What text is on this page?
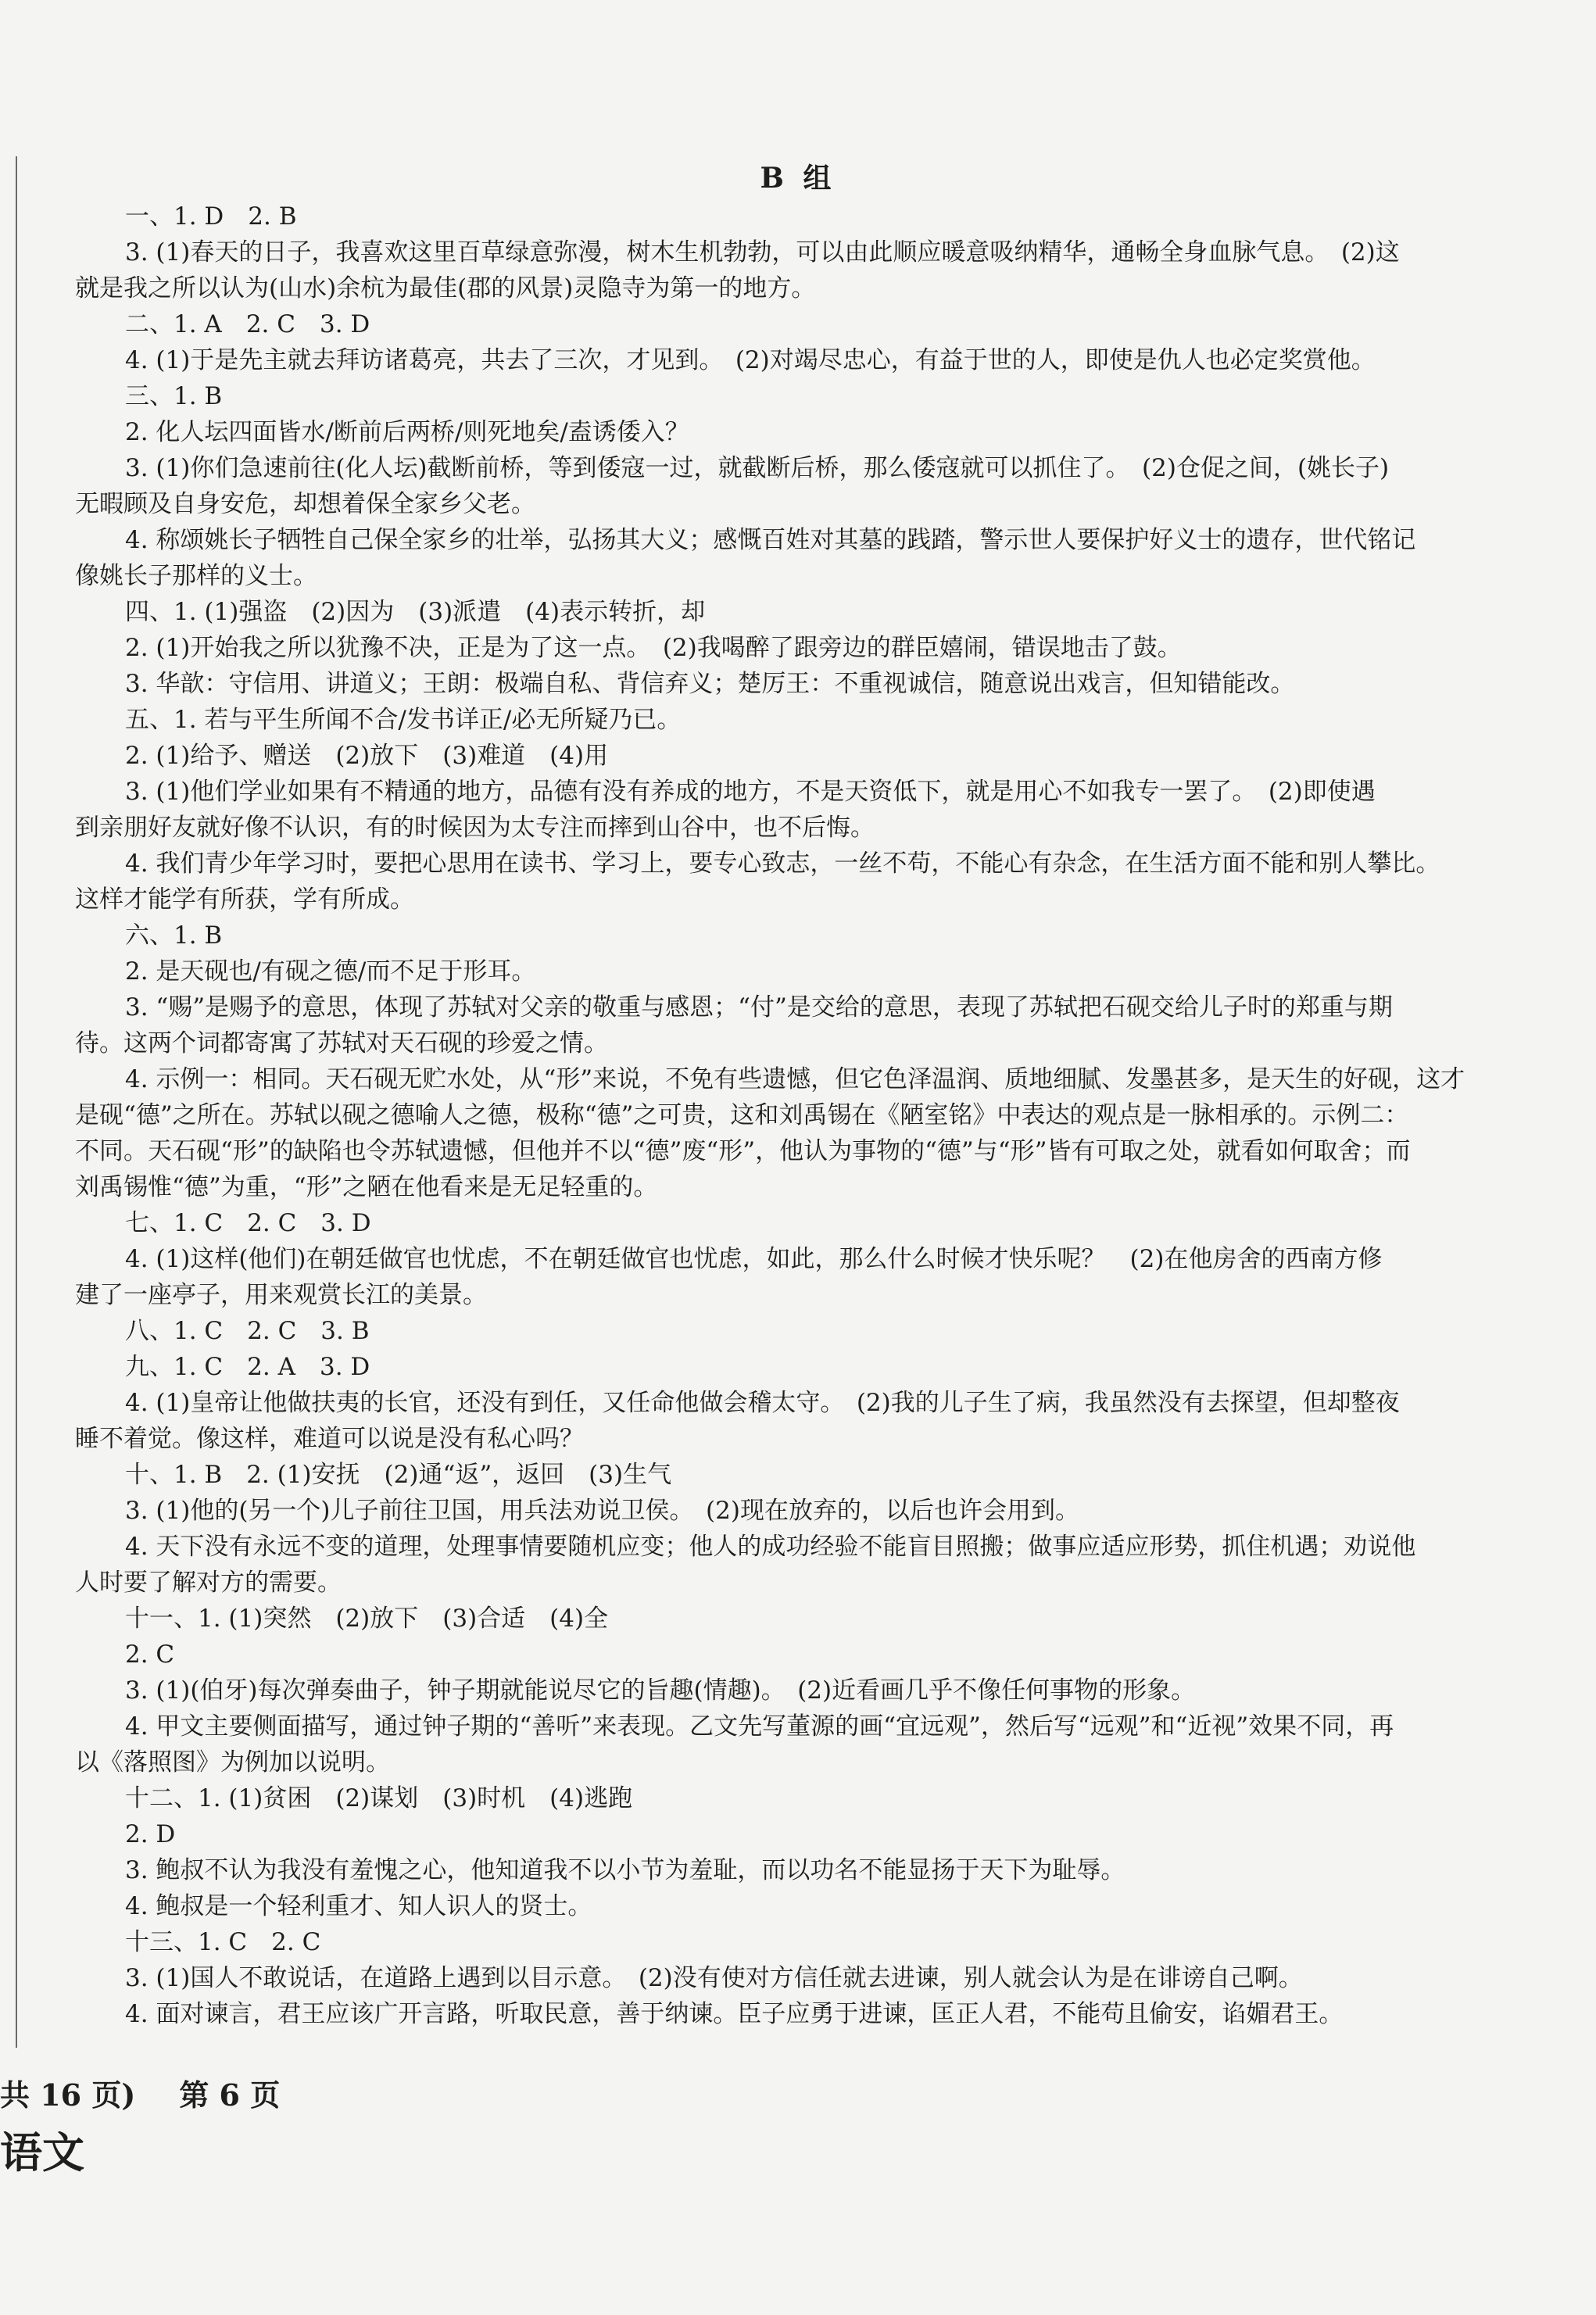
B 组
一、1. D　2. B
3. (1)春天的日子，我喜欢这里百草绿意弥漫，树木生机勃勃，可以由此顺应暖意吸纳精华，通畅全身血脉气息。　(2)这
就是我之所以认为(山水)余杭为最佳(郡的风景)灵隐寺为第一的地方。
二、1. A　2. C　3. D
4. (1)于是先主就去拜访诸葛亮，共去了三次，才见到。　(2)对竭尽忠心，有益于世的人，即使是仇人也必定奖赏他。
三、1. B
2. 化人坛四面皆水/断前后两桥/则死地矣/盍诱倭入？
3. (1)你们急速前往(化人坛)截断前桥，等到倭寇一过，就截断后桥，那么倭寇就可以抓住了。　(2)仓促之间，(姚长子)
无暇顾及自身安危，却想着保全家乡父老。
4. 称颂姚长子牺牲自己保全家乡的壮举，弘扬其大义；感慨百姓对其墓的践踏，警示世人要保护好义士的遗存，世代铭记
像姚长子那样的义士。
四、1. (1)强盗　(2)因为　(3)派遣　(4)表示转折，却
2. (1)开始我之所以犹豫不决，正是为了这一点。　(2)我喝醉了跟旁边的群臣嬉闹，错误地击了鼓。
3. 华歆：守信用、讲道义；王朗：极端自私、背信弃义；楚厉王：不重视诚信，随意说出戏言，但知错能改。
五、1. 若与平生所闻不合/发书详正/必无所疑乃已。
2. (1)给予、赠送　(2)放下　(3)难道　(4)用
3. (1)他们学业如果有不精通的地方，品德有没有养成的地方，不是天资低下，就是用心不如我专一罢了。　(2)即使遇
到亲朋好友就好像不认识，有的时候因为太专注而摔到山谷中，也不后悔。
4. 我们青少年学习时，要把心思用在读书、学习上，要专心致志，一丝不苟，不能心有杂念，在生活方面不能和别人攀比。
这样才能学有所获，学有所成。
六、1. B
2. 是天砚也/有砚之德/而不足于形耳。
3. “赐”是赐予的意思，体现了苏轼对父亲的敬重与感恩；“付”是交给的意思，表现了苏轼把石砚交给儿子时的郑重与期
待。这两个词都寄寓了苏轼对天石砚的珍爱之情。
4. 示例一：相同。天石砚无贮水处，从“形”来说，不免有些遗憾，但它色泽温润、质地细腻、发墨甚多，是天生的好砚，这才
是砚“德”之所在。苏轼以砚之德喻人之德，极称“德”之可贵，这和刘禹锡在《陋室铭》中表达的观点是一脉相承的。示例二：
不同。天石砚“形”的缺陷也令苏轼遗憾，但他并不以“德”废“形”，他认为事物的“德”与“形”皆有可取之处，就看如何取舍；而
刘禹锡惟“德”为重，“形”之陋在他看来是无足轻重的。
七、1. C　2. C　3. D
4. (1)这样(他们)在朝廷做官也忧虑，不在朝廷做官也忧虑，如此，那么什么时候才快乐呢？　(2)在他房舍的西南方修
建了一座亭子，用来观赏长江的美景。
八、1. C　2. C　3. B
九、1. C　2. A　3. D
4. (1)皇帝让他做扶夷的长官，还没有到任，又任命他做会稽太守。　(2)我的儿子生了病，我虽然没有去探望，但却整夜
睡不着觉。像这样，难道可以说是没有私心吗？
十、1. B　2. (1)安抚　(2)通“返”，返回　(3)生气
3. (1)他的(另一个)儿子前往卫国，用兵法劝说卫侯。　(2)现在放弃的，以后也许会用到。
4. 天下没有永远不变的道理，处理事情要随机应变；他人的成功经验不能盲目照搬；做事应适应形势，抓住机遇；劝说他
人时要了解对方的需要。
十一、1. (1)突然　(2)放下　(3)合适　(4)全
2. C
3. (1)(伯牙)每次弹奏曲子，钟子期就能说尽它的旨趣(情趣)。　(2)近看画几乎不像任何事物的形象。
4. 甲文主要侧面描写，通过钟子期的“善听”来表现。乙文先写董源的画“宜远观”，然后写“远观”和“近视”效果不同，再
以《落照图》为例加以说明。
十二、1. (1)贫困　(2)谋划　(3)时机　(4)逃跑
2. D
3. 鲍叔不认为我没有羞愧之心，他知道我不以小节为羞耻，而以功名不能显扬于天下为耻辱。
4. 鲍叔是一个轻利重才、知人识人的贤士。
十三、1. C　2. C
3. (1)国人不敢说话，在道路上遇到以目示意。　(2)没有使对方信任就去进谏，别人就会认为是在诽谤自己啊。
4. 面对谏言，君王应该广开言路，听取民意，善于纳谏。臣子应勇于进谏，匡正人君，不能苟且偷安，谄媚君王。
共 16 页) 第 6 页
语文
